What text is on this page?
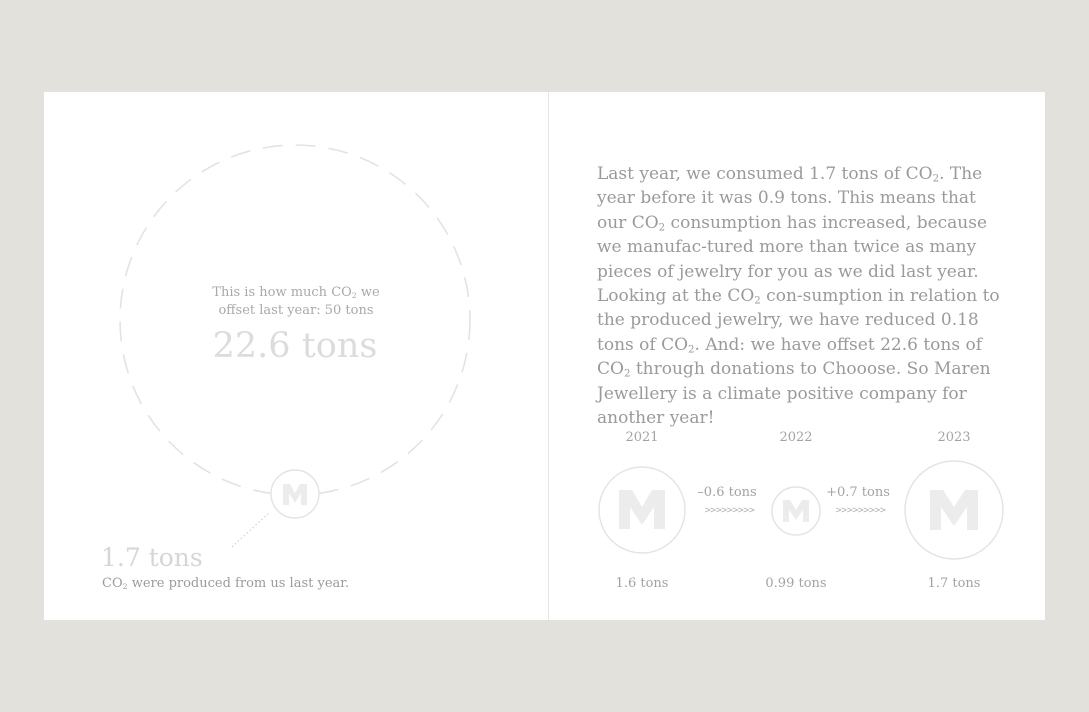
This is how much $CO_2$ we
offset last year: 50 tons
22.6 tons
1.7 tons
$CO_2$ were produced from us last year.

Last year, we consumed 1.7 tons of $CO_2$. The year before it was 0.9 tons. This means that our $CO_2$ consumption has increased, because we manufac-tured more than twice as many pieces of jewelry for you as we did last year. Looking at the $CO_2$ con-sumption in relation to the produced jewelry, we have reduced 0.18 tons of $CO_2$. And: we have offset 22.6 tons of $CO_2$ through donations to Chooose. So Maren Jewellery is a climate positive company for another year!

2021	2022	2023
–0.6 tons
>>>>>>>>>
+0.7 tons
>>>>>>>>>
1.6 tons	0.99 tons	1.7 tons
